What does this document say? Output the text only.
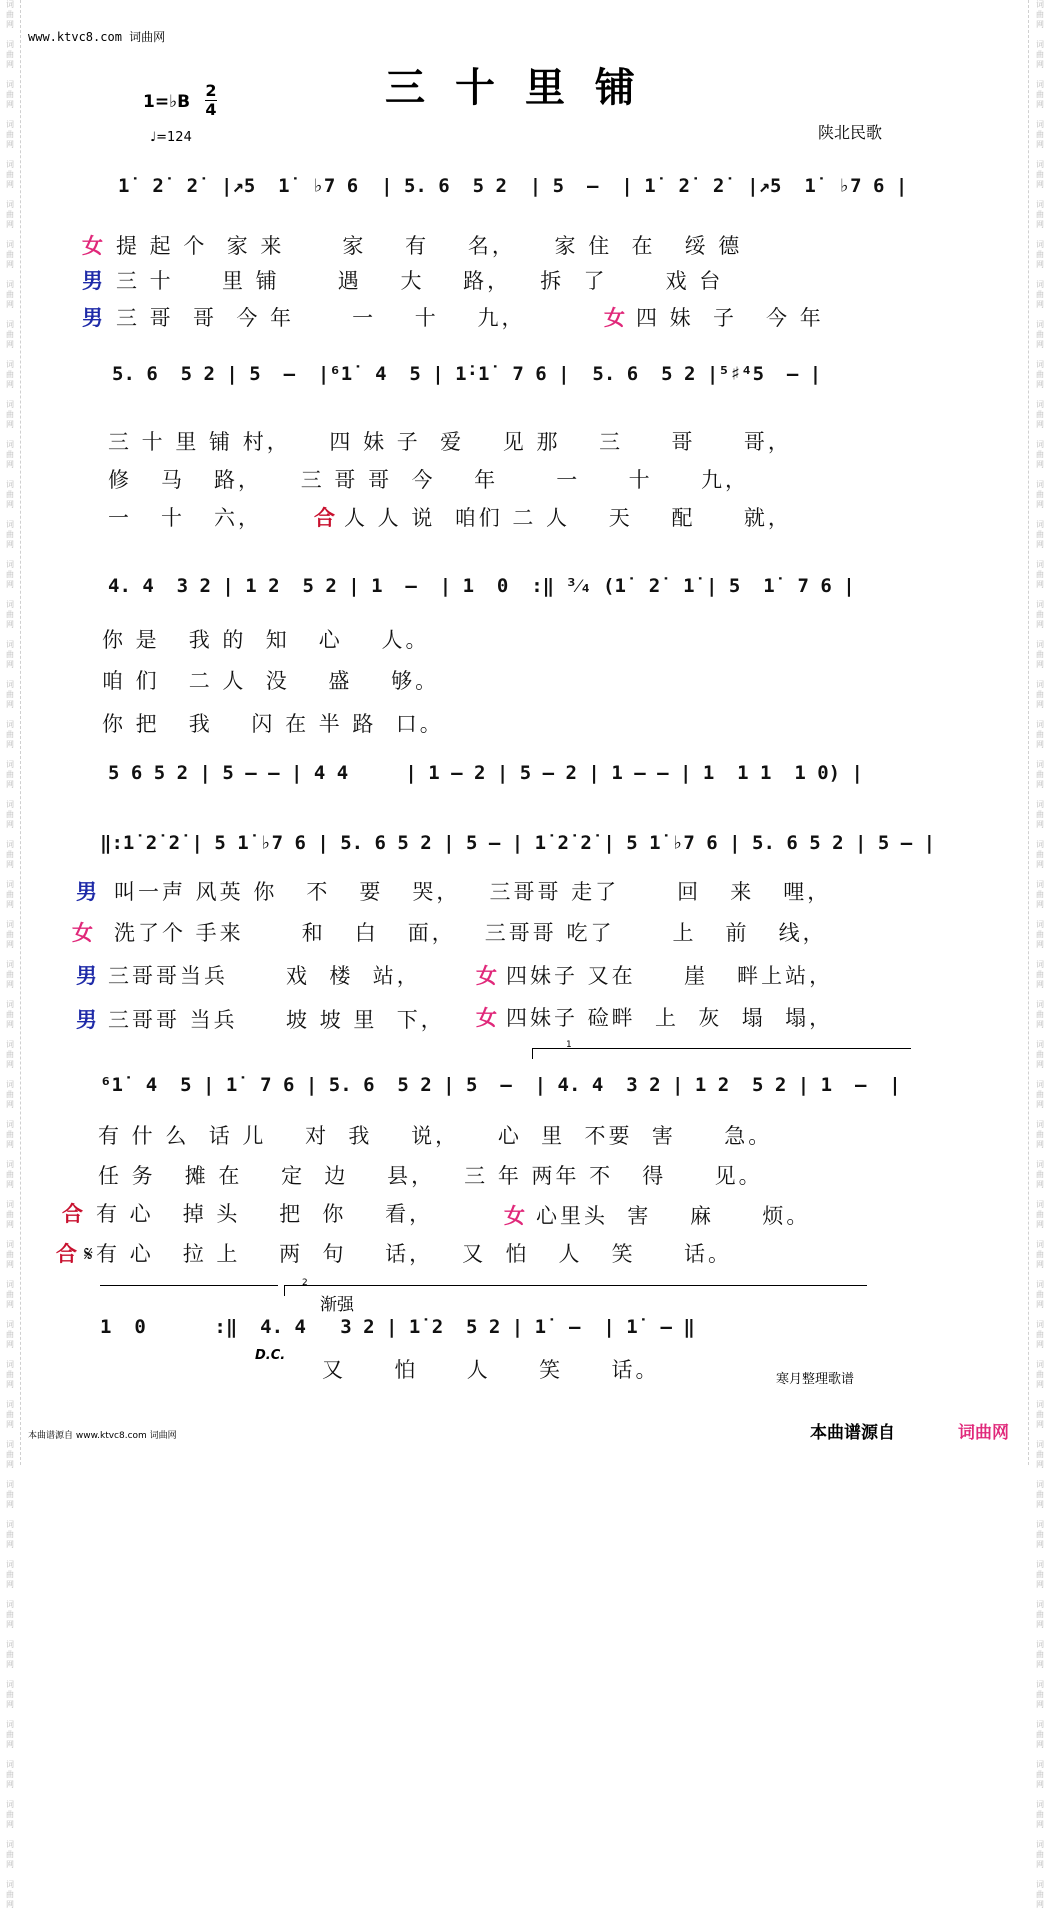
词
曲
网

词
曲
网

词
曲
网

词
曲
网

词
曲
网

词
曲
网

词
曲
网

词
曲
网

词
曲
网

词
曲
网

词
曲
网

词
曲
网

词
曲
网

词
曲
网

词
曲
网

词
曲
网

词
曲
网

词
曲
网

词
曲
网

词
曲
网

词
曲
网

词
曲
网

词
曲
网

词
曲
网

词
曲
网

词
曲
网

词
曲
网

词
曲
网

词
曲
网

词
曲
网

词
曲
网

词
曲
网

词
曲
网

词
曲
网

词
曲
网

词
曲
网

词
曲
网

词
曲
网

词
曲
网

词
曲
网

词
曲
网

词
曲
网

词
曲
网

词
曲
网

词
曲
网

词
曲
网

词
曲
网

词
曲
网
词
曲
网

词
曲
网

词
曲
网

词
曲
网

词
曲
网

词
曲
网

词
曲
网

词
曲
网

词
曲
网

词
曲
网

词
曲
网

词
曲
网

词
曲
网

词
曲
网

词
曲
网

词
曲
网

词
曲
网

词
曲
网

词
曲
网

词
曲
网

词
曲
网

词
曲
网

词
曲
网

词
曲
网

词
曲
网

词
曲
网

词
曲
网

词
曲
网

词
曲
网

词
曲
网

词
曲
网

词
曲
网

词
曲
网

词
曲
网

词
曲
网

词
曲
网

词
曲
网

词
曲
网

词
曲
网

词
曲
网

词
曲
网

词
曲
网

词
曲
网

词
曲
网

词
曲
网

词
曲
网

词
曲
网

词
曲
网
www.ktvc8.com 词曲网
三十里铺
1=♭B
2
4
♩=124	陕北民歌
1̇  2̇  2̇  |↗5  1̇  ♭7 6  | 5. 6  5 2  | 5  –  | 1̇  2̇  2̇  |↗5  1̇  ♭7 6 |
女 提 起 个  家 来      家    有    名，    家 住  在   绥 德
男 三 十     里 铺      遇    大    路，   拆  了      戏 台
男 三 哥  哥  今 年      一    十    九，	女 四 妹  子   今 年
5. 6  5 2 | 5  –  |⁶1̇  4  5 | 1̇·1̇  7 6 |  5. 6  5 2 |⁵♯⁴5  – |
三 十 里 铺 村，    四 妹 子  爱    见 那    三     哥     哥，
修   马   路，    三 哥 哥  今    年      一     十     九，
一   十   六， 合 人 人 说  咱们 二 人    天    配     就，
4. 4  3 2 | 1 2  5 2 | 1  –  | 1  0  :‖ ³⁄₄ (1̇  2̇  1̇ | 5  1̇  7 6 |
你 是   我 的  知   心    人。
咱 们   二 人  没    盛    够。
你 把   我    闪 在 半 路  口。
5 6 5 2 | 5 – – | 4 4     | 1 – 2 | 5 – 2 | 1 – – | 1  1 1  1 0) |
‖:1̇ 2̇ 2̇ | 5 1̇ ♭7 6 | 5. 6 5 2 | 5 – | 1̇ 2̇ 2̇ | 5 1̇ ♭7 6 | 5. 6 5 2 | 5 – |
男 叫一声 风英 你   不   要   哭，   三哥哥 走了      回   来   哩，
女 洗了个 手来      和   白   面，   三哥哥 吃了      上   前   线，
男 三哥哥当兵      戏  楼  站，	女 四妹子 又在     崖   畔上站，
男 三哥哥 当兵     坡 坡 里  下， 女 四妹子 硷畔  上  灰  塌  塌，
1
⁶1̇  4  5 | 1̇  7 6 | 5. 6  5 2 | 5  –  | 4. 4  3 2 | 1 2  5 2 | 1  –  |
有 什 么  话 儿    对  我    说，    心  里  不要  害     急。
任 务   摊 在    定  边    县，   三 年 两年 不   得     见。
合 有 心   掉 头    把  你    看，	女 心里头  害    麻     烦。
合 𝄋有 心   拉 上    两  句    话，   又  怕   人   笑     话。
2
渐强
1  0      :‖  4. 4   3 2 | 1̇ 2  5 2 | 1̇  –  | 1̇  – ‖
D.C.
又     怕     人     笑     话。	寒月整理歌谱
本曲谱源自 www.ktvc8.com 词曲网	本曲谱源自	词曲网
